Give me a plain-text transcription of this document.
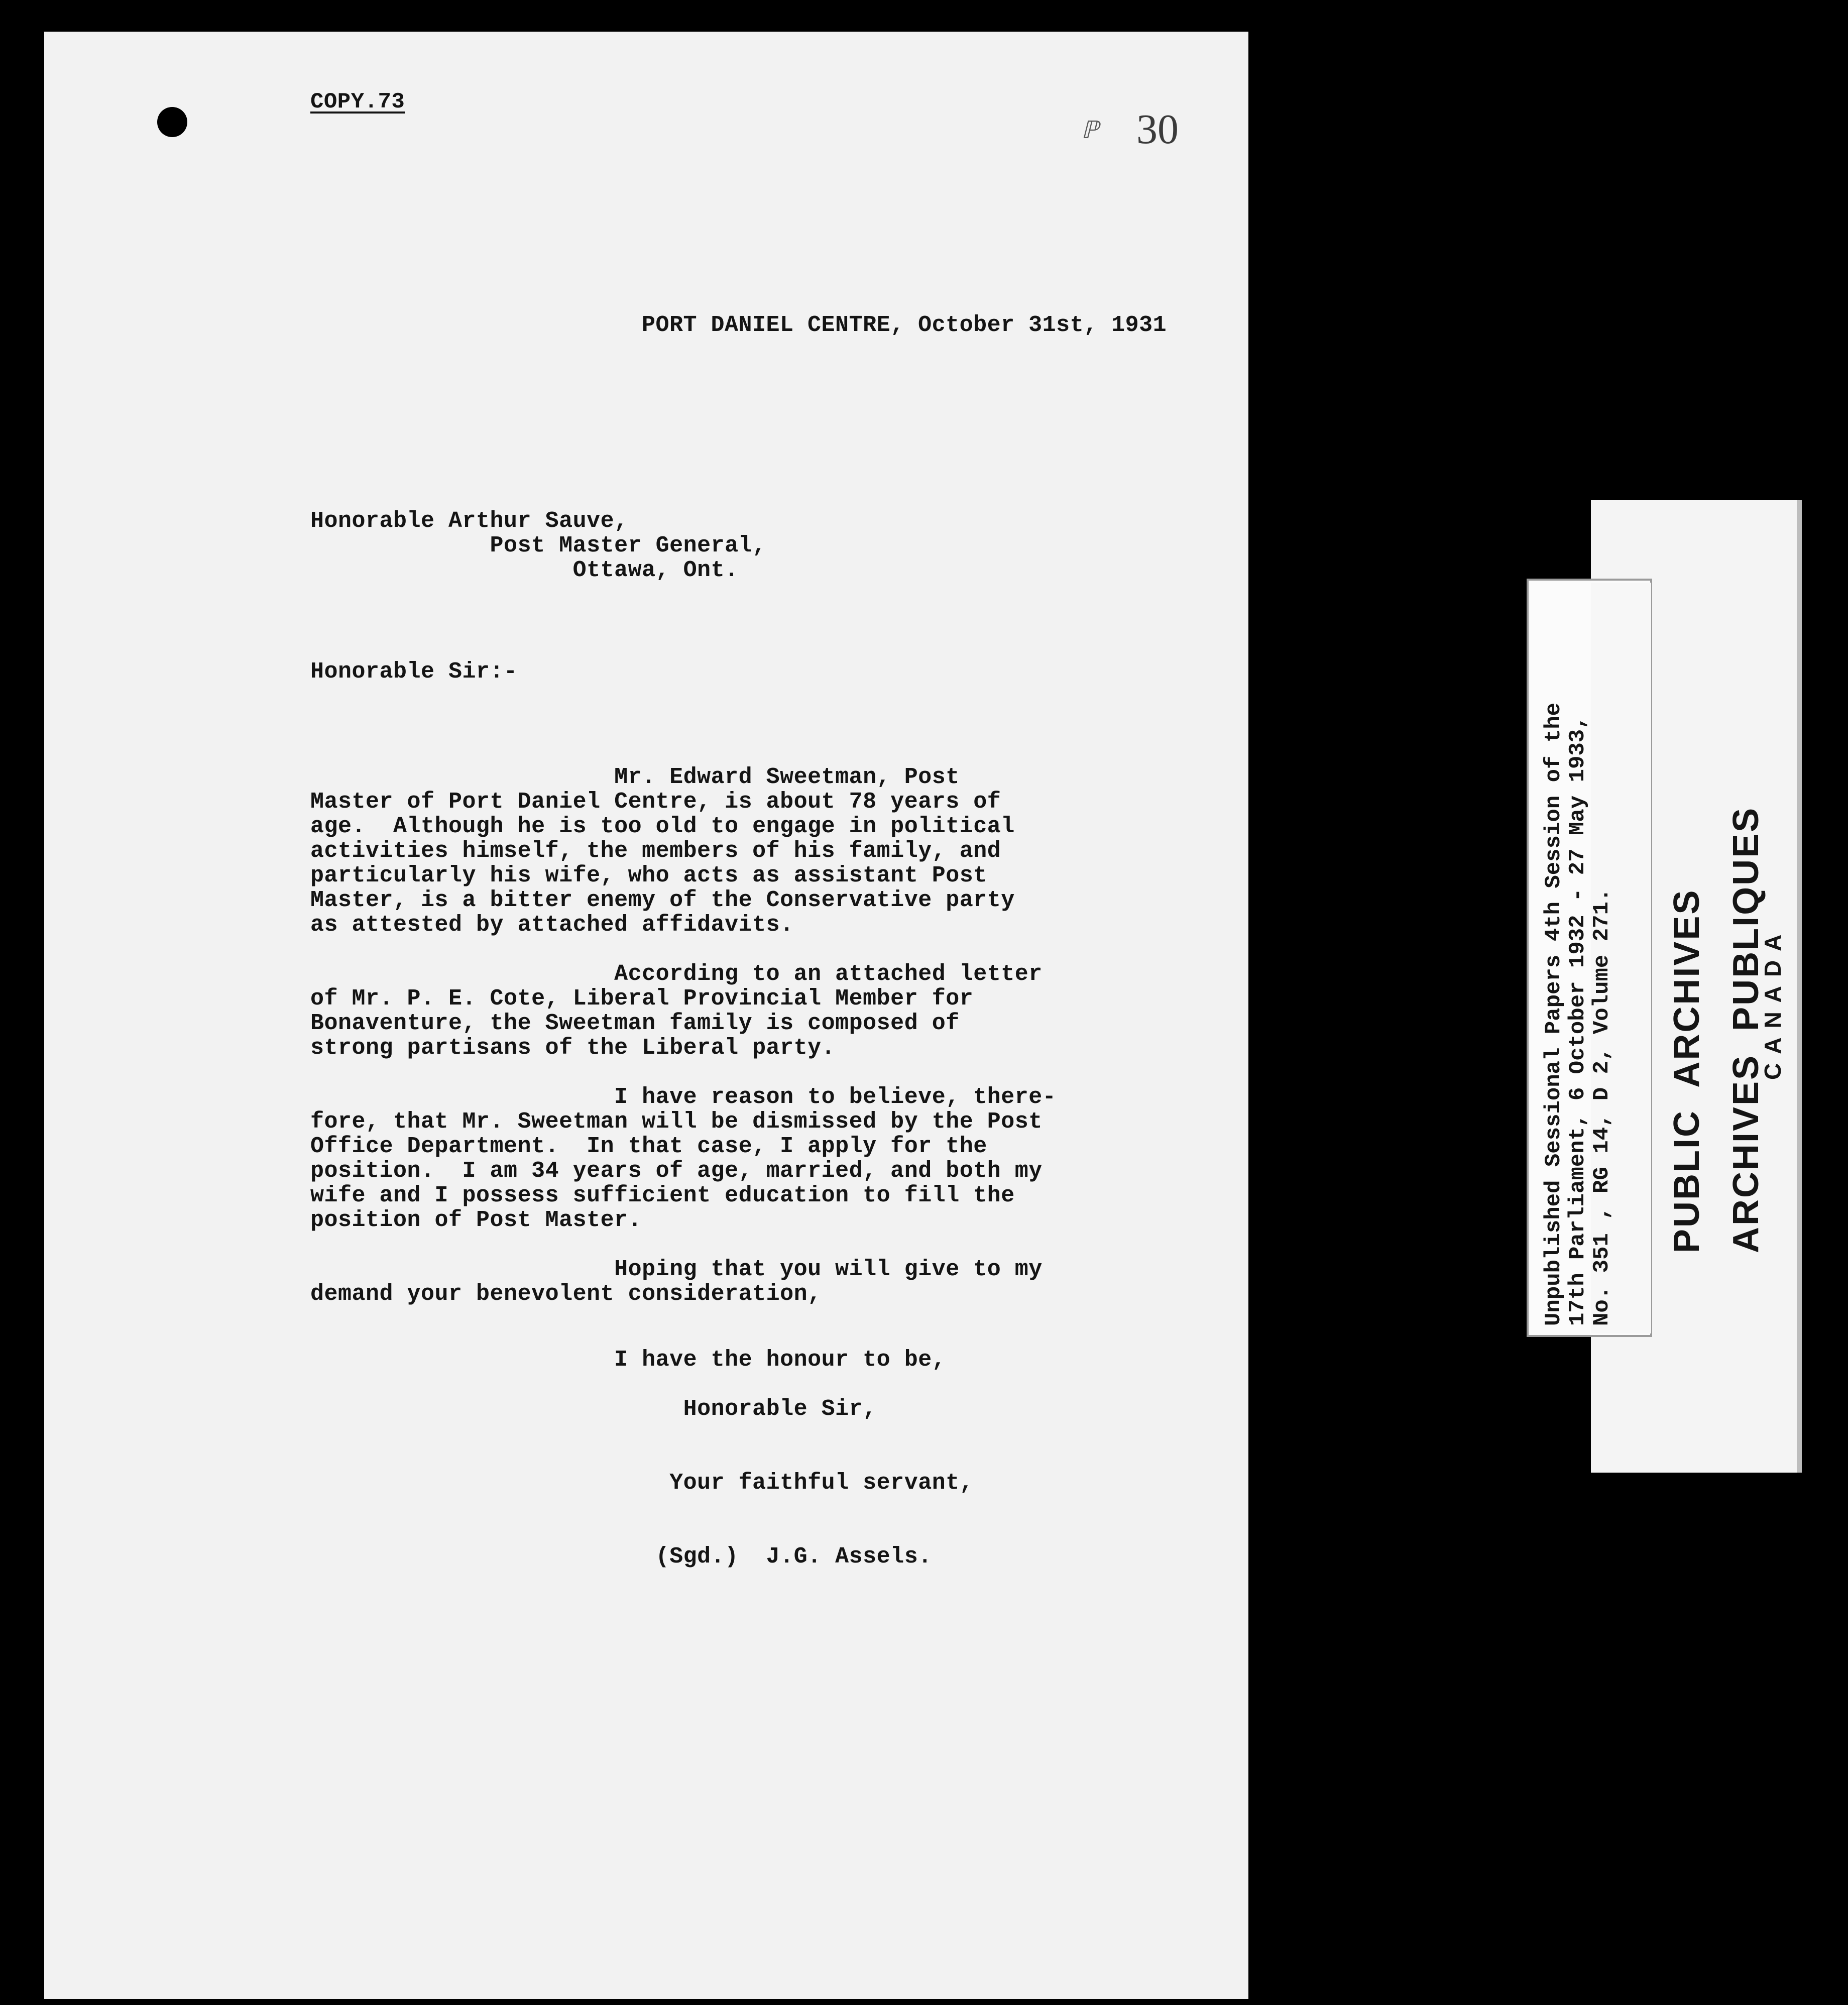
COPY.73
ℙ 30
PORT DANIEL CENTRE, October 31st, 1931
Honorable Arthur Sauve,
Post Master General,
Ottawa, Ont.
Honorable Sir:-
Mr. Edward Sweetman, Post
Master of Port Daniel Centre, is about 78 years of
age.  Although he is too old to engage in political
activities himself, the members of his family, and
particularly his wife, who acts as assistant Post
Master, is a bitter enemy of the Conservative party
as attested by attached affidavits.

According to an attached letter
of Mr. P. E. Cote, Liberal Provincial Member for
Bonaventure, the Sweetman family is composed of
strong partisans of the Liberal party.

I have reason to believe, there-
fore, that Mr. Sweetman will be dismissed by the Post
Office Department.  In that case, I apply for the
position.  I am 34 years of age, married, and both my
wife and I possess sufficient education to fill the
position of Post Master.

Hoping that you will give to my
demand your benevolent consideration,
I have the honour to be,

Honorable Sir,

Your faithful servant,

(Sgd.)  J.G. Assels.
Unpublished Sessional Papers 4th Session of the
17th Parliament, 6 October 1932 - 27 May 1933,
No. 351 , RG 14, D 2, Volume 271.
PUBLIC  ARCHIVES
ARCHIVES  PUBLIQUES
CANADA
